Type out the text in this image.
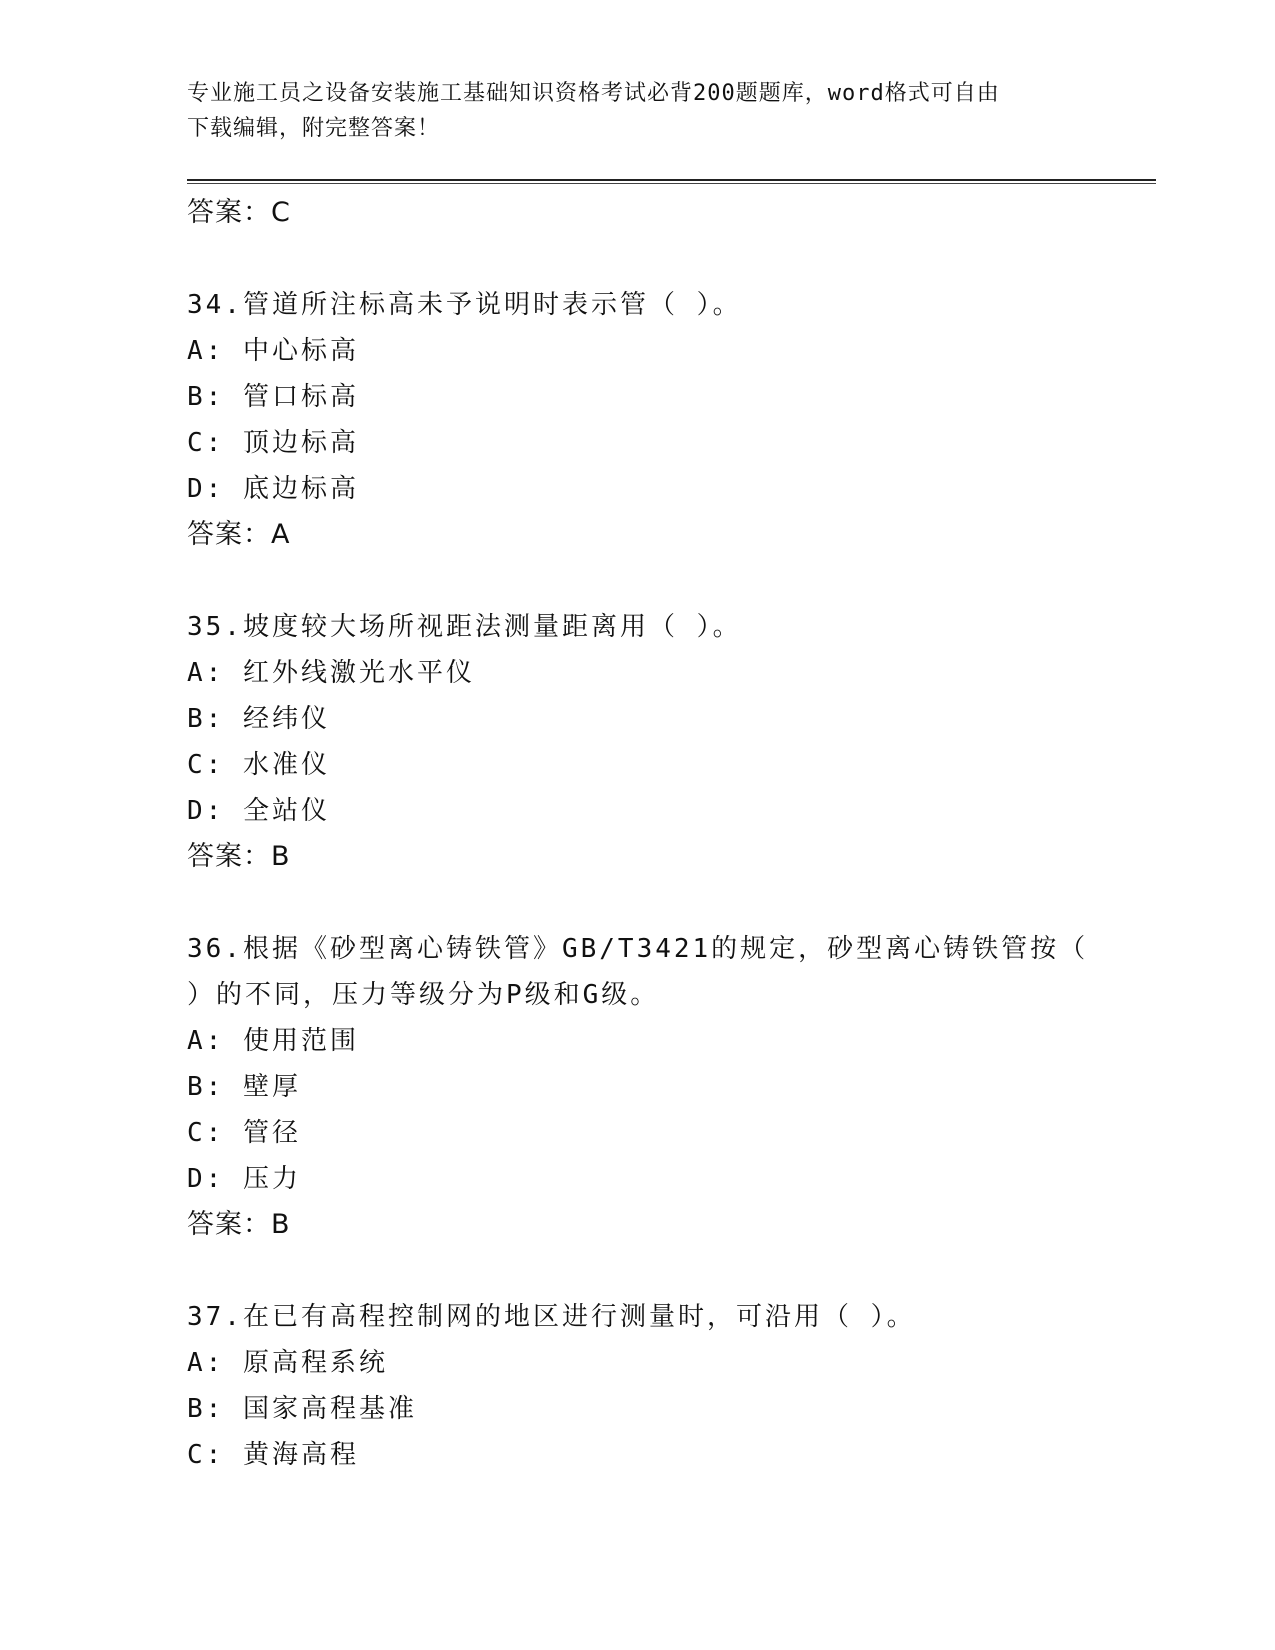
专业施工员之设备安装施工基础知识资格考试必背200题题库，word格式可自由
下载编辑，附完整答案！
答案：C
34.管道所注标高未予说明时表示管（ ）。
A: 中心标高
B: 管口标高
C: 顶边标高
D: 底边标高
答案：A
35.坡度较大场所视距法测量距离用（ ）。
A: 红外线激光水平仪
B: 经纬仪
C: 水准仪
D: 全站仪
答案：B
36.根据《砂型离心铸铁管》GB/T3421的规定，砂型离心铸铁管按（
）的不同，压力等级分为P级和G级。
A: 使用范围
B: 壁厚
C: 管径
D: 压力
答案：B
37.在已有高程控制网的地区进行测量时，可沿用（ ）。
A: 原高程系统
B: 国家高程基准
C: 黄海高程
